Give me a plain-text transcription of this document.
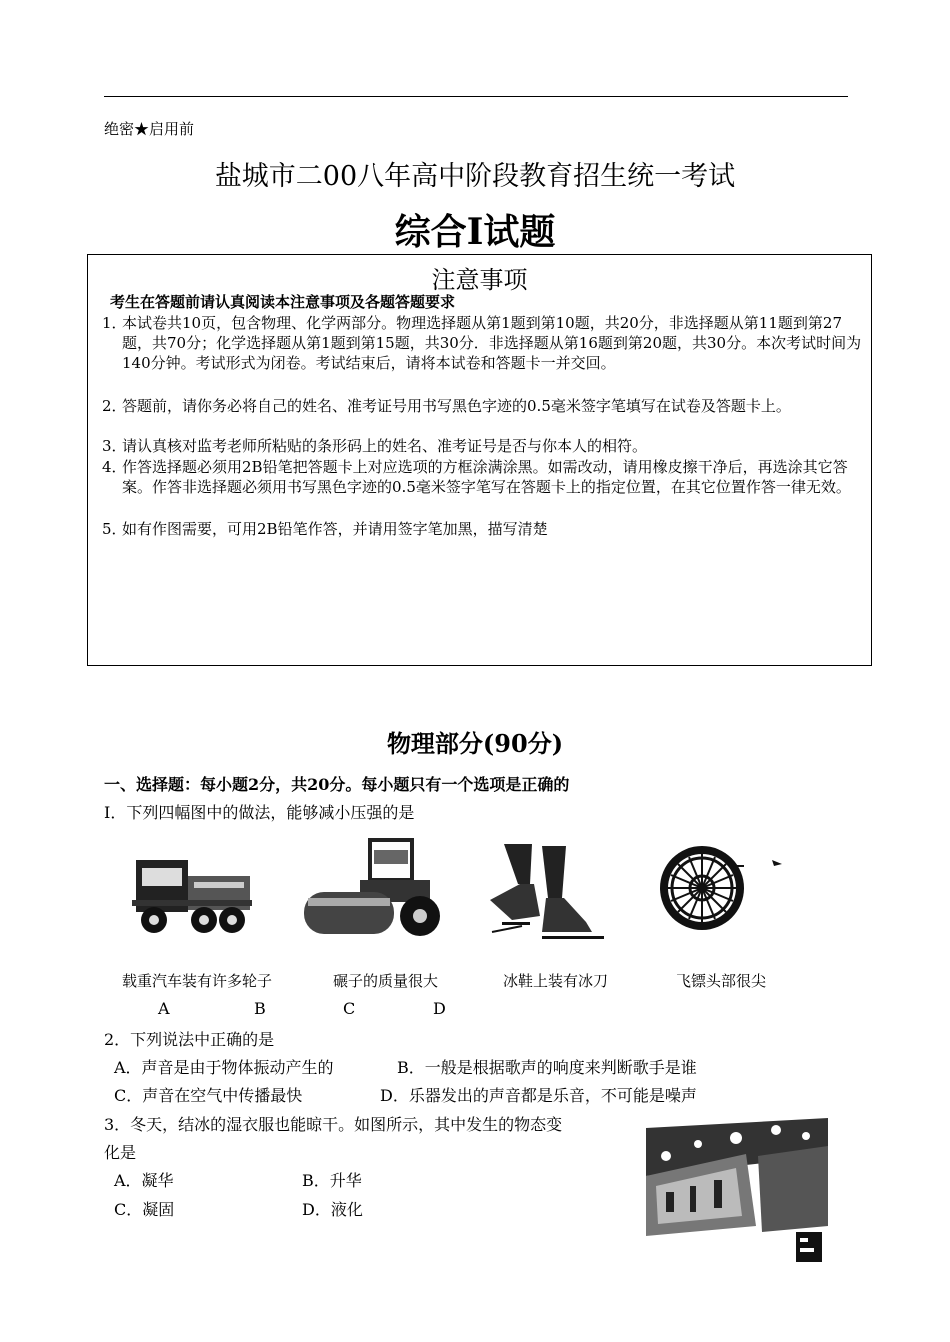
绝密★启用前
盐城市二00八年高中阶段教育招生统一考试
综合I试题
注意事项
考生在答题前请认真阅读本注意事项及各题答题要求
1．
本试卷共10页，包含物理、化学两部分。物理选择题从第1题到第10题，共20分，非选择题从第11题到第27题，共70分；化学选择题从第1题到第15题，共30分．非选择题从第16题到第20题，共30分。本次考试时间为140分钟。考试形式为闭卷。考试结束后，请将本试卷和答题卡一并交回。
2．
答题前，请你务必将自己的姓名、准考证号用书写黑色字迹的0.5毫米签字笔填写在试卷及答题卡上。
3．
请认真核对监考老师所粘贴的条形码上的姓名、准考证号是否与你本人的相符。
4．
作答选择题必须用2B铅笔把答题卡上对应选项的方框涂满涂黑。如需改动，请用橡皮擦干净后，再选涂其它答案。作答非选择题必须用书写黑色字迹的0.5毫米签字笔写在答题卡上的指定位置，在其它位置作答一律无效。
5．
如有作图需要，可用2B铅笔作答，并请用签字笔加黑，描写清楚
物理部分(90分)
一、选择题：每小题2分，共20分。每小题只有一个选项是正确的
I．下列四幅图中的做法，能够减小压强的是
载重汽车装有许多轮子	碾子的质量很大	冰鞋上装有冰刀	飞镖头部很尖
A	B	C	D
2．下列说法中正确的是
A．声音是由于物体振动产生的	B．一般是根据歌声的响度来判断歌手是谁
C．声音在空气中传播最快	D．乐器发出的声音都是乐音，不可能是噪声
3．冬天，结冰的湿衣服也能晾干。如图所示，其中发生的物态变
化是
A．凝华	B．升华
C．凝固	D．液化
